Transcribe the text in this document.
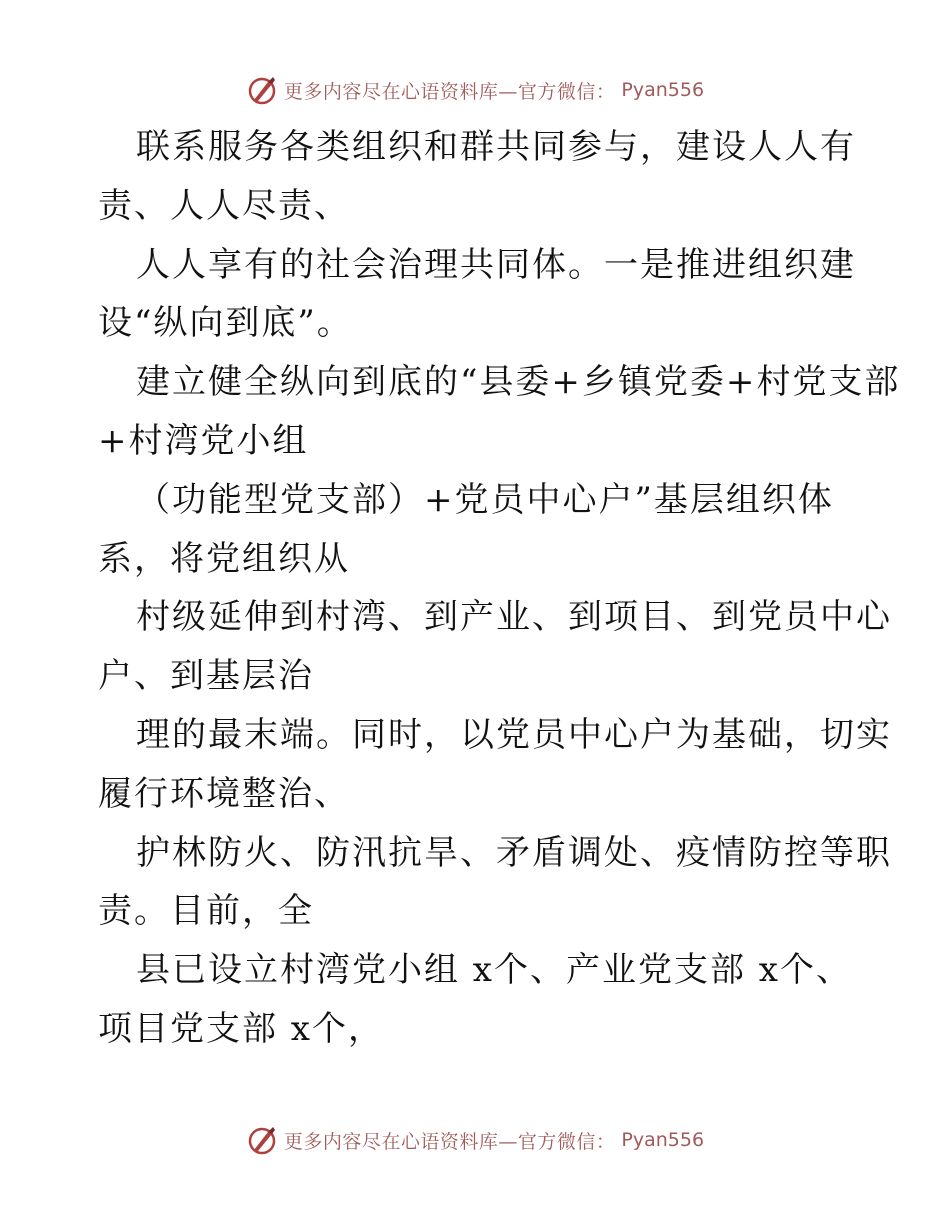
更多内容尽在心语资料库—官方微信： Pyan556
联系服务各类组织和群共同参与，建设人人有
责、人人尽责、
人人享有的社会治理共同体。一是推进组织建
设“纵向到底”。
建立健全纵向到底的“县委+乡镇党委+村党支部
+村湾党小组
（功能型党支部）+党员中心户”基层组织体
系，将党组织从
村级延伸到村湾、到产业、到项目、到党员中心
户、到基层治
理的最末端。同时，以党员中心户为基础，切实
履行环境整治、
护林防火、防汛抗旱、矛盾调处、疫情防控等职
责。目前，全
县已设立村湾党小组 x个、产业党支部 x个、
项目党支部 x个，
更多内容尽在心语资料库—官方微信： Pyan556
